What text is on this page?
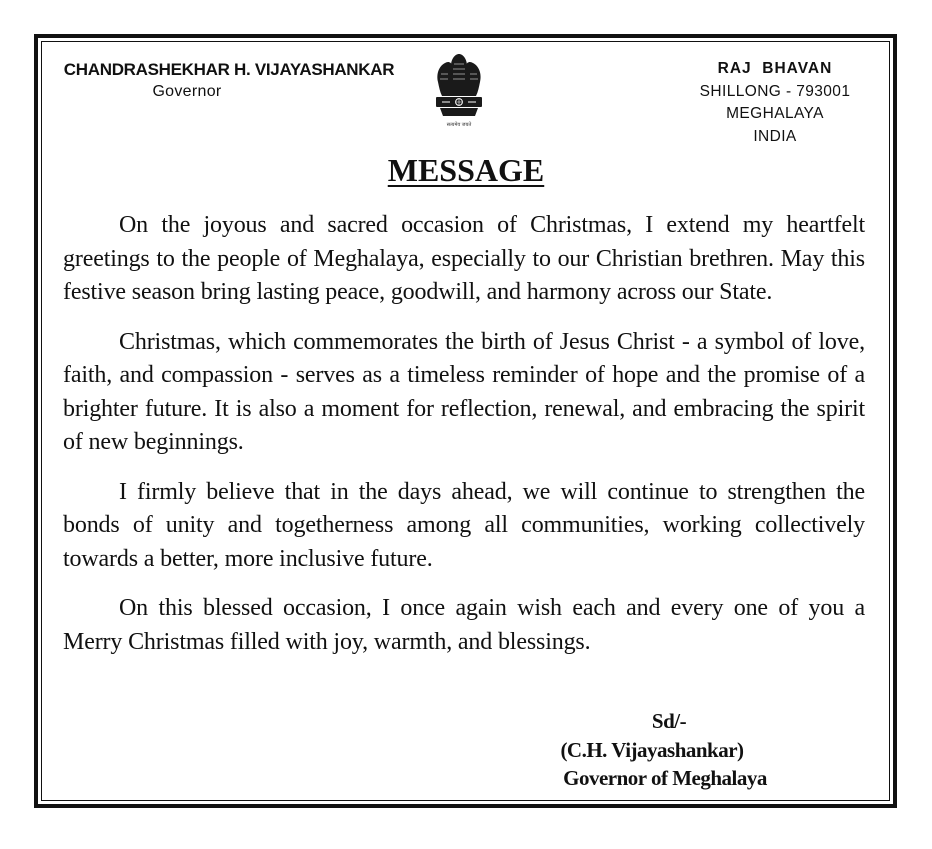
CHANDRASHEKHAR H. VIJAYASHANKAR
Governor
सत्यमेव जयते
RAJ  BHAVAN
SHILLONG - 793001
MEGHALAYA
INDIA
MESSAGE

On the joyous and sacred occasion of Christmas, I extend my heartfelt greetings to the people of Meghalaya, especially to our Christian brethren. May this festive season bring lasting peace, goodwill, and harmony across our State.

Christmas, which commemorates the birth of Jesus Christ - a symbol of love, faith, and compassion - serves as a timeless reminder of hope and the promise of a brighter future. It is also a moment for reflection, renewal, and embracing the spirit of new beginnings.

I firmly believe that in the days ahead, we will continue to strengthen the bonds of unity and togetherness among all communities, working collectively towards a better, more inclusive future.

On this blessed occasion, I once again wish each and every one of you a Merry Christmas filled with joy, warmth, and blessings.

Sd/-
(C.H. Vijayashankar)
Governor of Meghalaya
